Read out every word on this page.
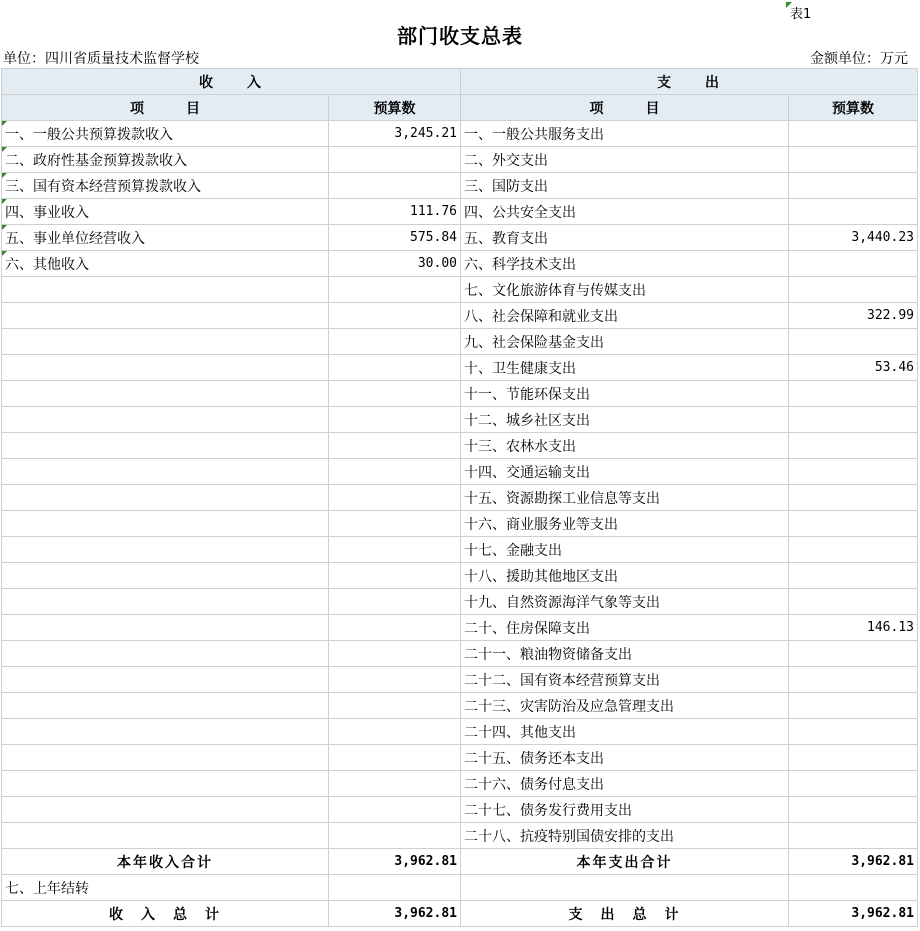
表1
部门收支总表
单位：四川省质量技术监督学校	金额单位：万元
收　　入		支　　出	
项　　　目	预算数	项　　　目	预算数
一、一般公共预算拨款收入	3,245.21	一、一般公共服务支出	
二、政府性基金预算拨款收入		二、外交支出	
三、国有资本经营预算拨款收入		三、国防支出	
四、事业收入	111.76	四、公共安全支出	
五、事业单位经营收入	575.84	五、教育支出	3,440.23
六、其他收入	30.00	六、科学技术支出	
		七、文化旅游体育与传媒支出	
		八、社会保障和就业支出	322.99
		九、社会保险基金支出	
		十、卫生健康支出	53.46
		十一、节能环保支出	
		十二、城乡社区支出	
		十三、农林水支出	
		十四、交通运输支出	
		十五、资源勘探工业信息等支出	
		十六、商业服务业等支出	
		十七、金融支出	
		十八、援助其他地区支出	
		十九、自然资源海洋气象等支出	
		二十、住房保障支出	146.13
		二十一、粮油物资储备支出	
		二十二、国有资本经营预算支出	
		二十三、灾害防治及应急管理支出	
		二十四、其他支出	
		二十五、债务还本支出	
		二十六、债务付息支出	
		二十七、债务发行费用支出	
		二十八、抗疫特别国债安排的支出	
本年收入合计	3,962.81	本年支出合计	3,962.81
七、上年结转			
收　入　总　计	3,962.81	支　出　总　计	3,962.81
